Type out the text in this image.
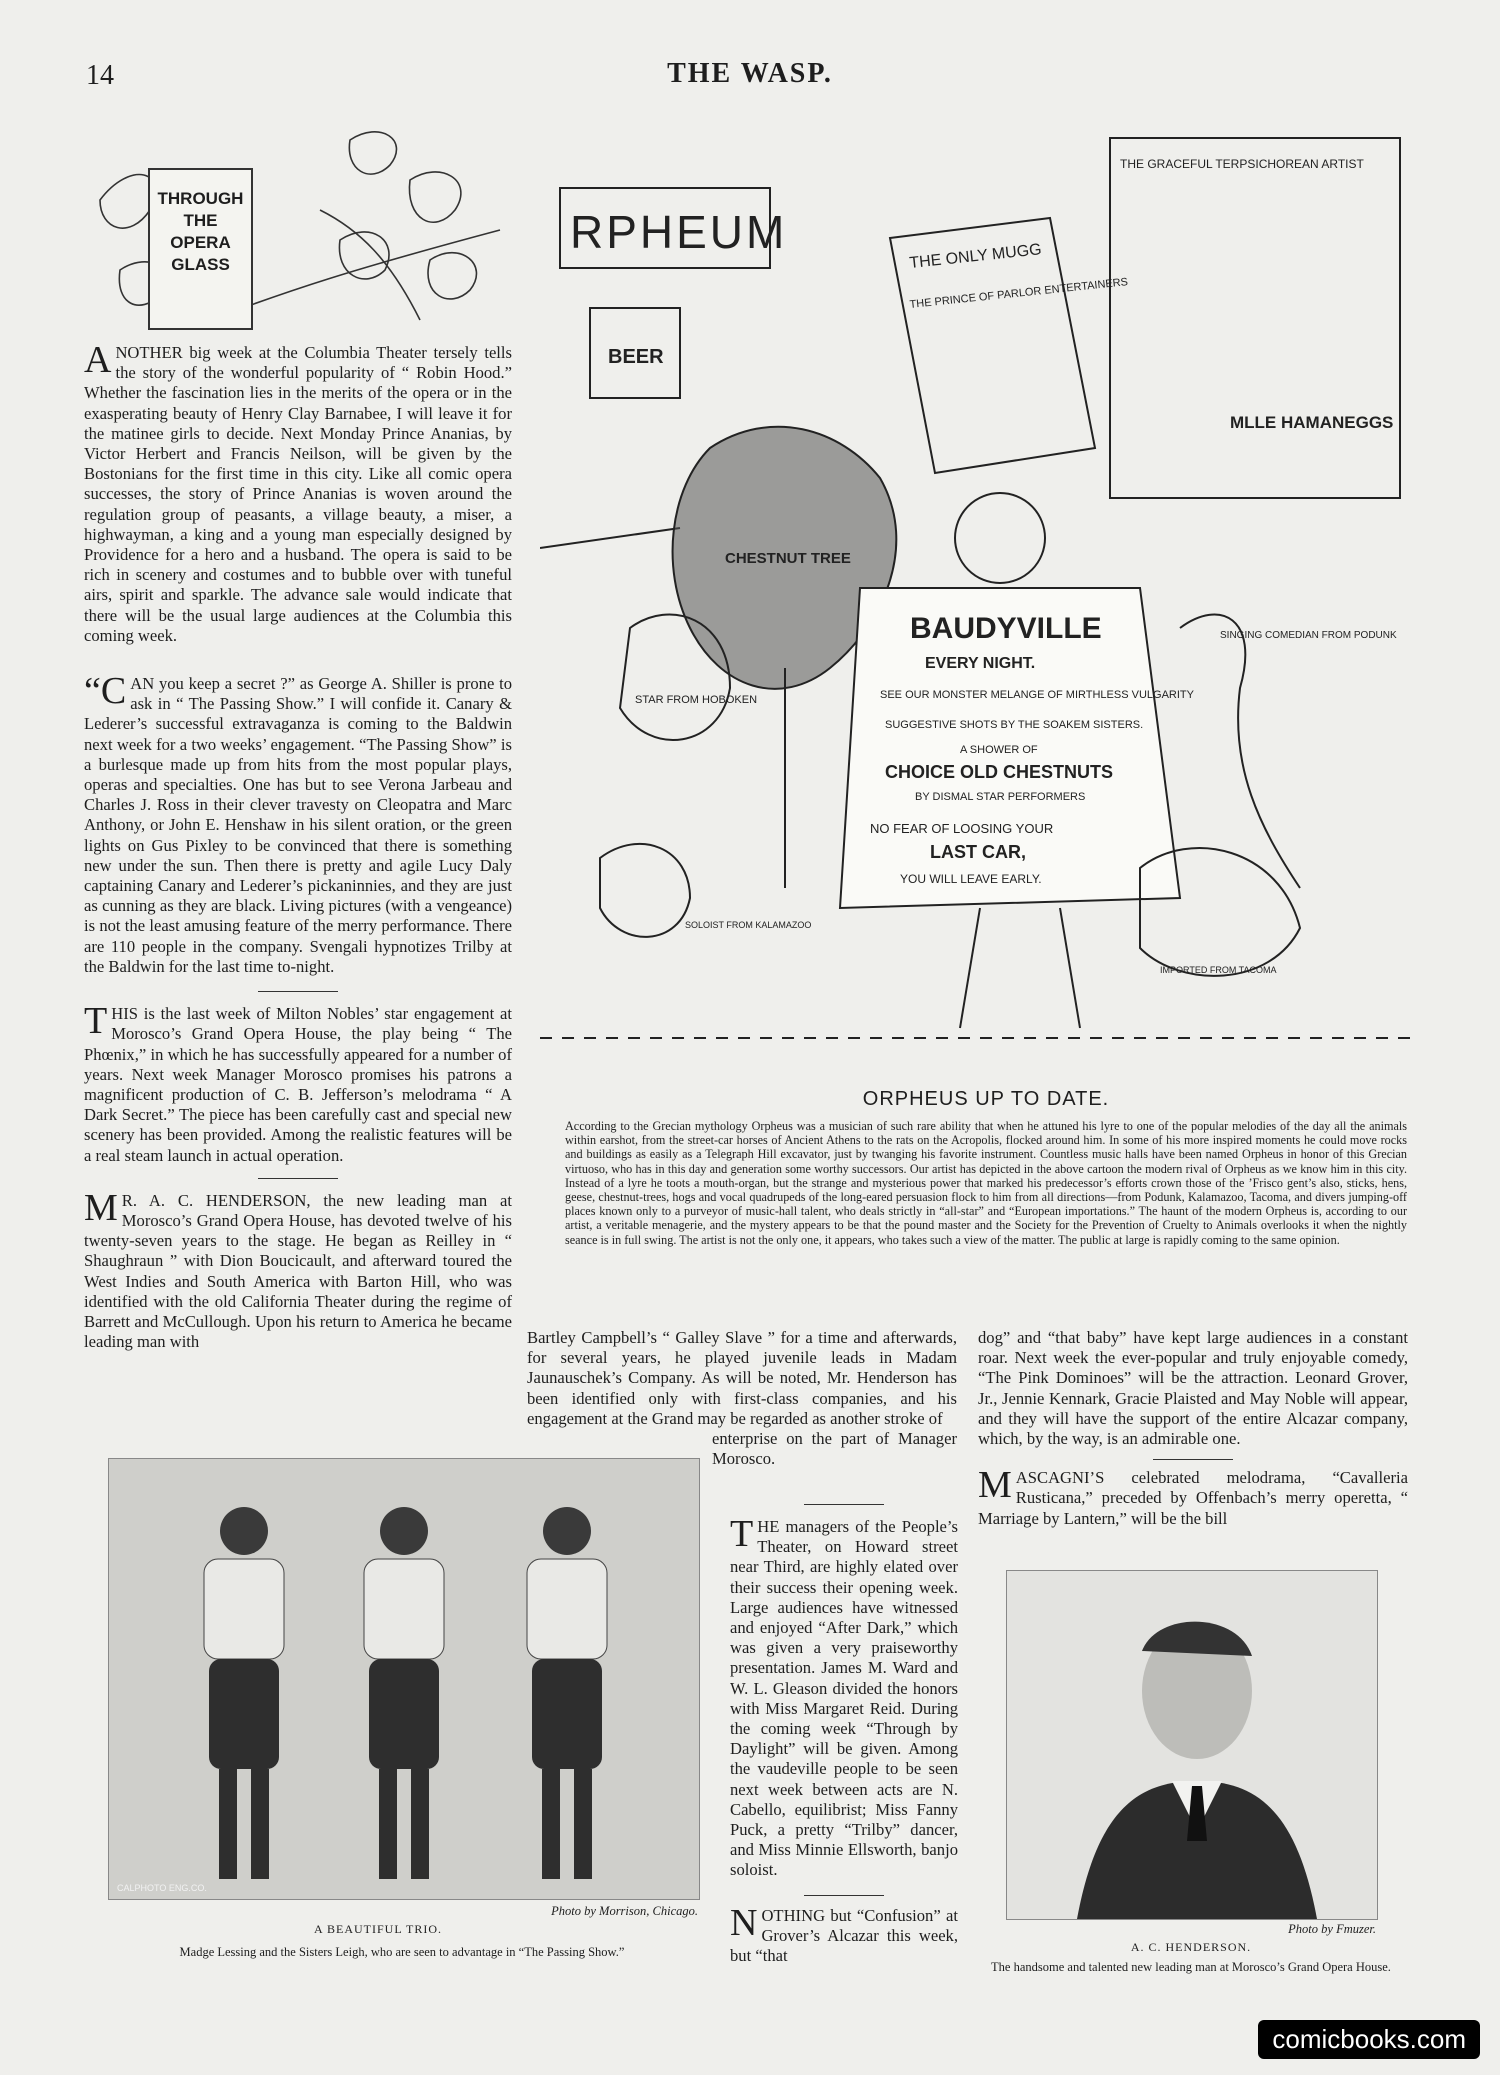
14	THE WASP.
THROUGH
THE
OPERA
GLASS

ANOTHER big week at the Columbia Theater tersely tells the story of the wonderful popularity of “ Robin Hood.” Whether the fascination lies in the merits of the opera or in the exasperating beauty of Henry Clay Barnabee, I will leave it for the matinee girls to decide. Next Monday Prince Ananias, by Victor Herbert and Francis Neilson, will be given by the Bostonians for the first time in this city. Like all comic opera successes, the story of Prince Ananias is woven around the regulation group of peasants, a village beauty, a miser, a highwayman, a king and a young man especially designed by Providence for a hero and a husband. The opera is said to be rich in scenery and costumes and to bubble over with tuneful airs, spirit and sparkle. The advance sale would indicate that there will be the usual large audiences at the Columbia this coming week.

“CAN you keep a secret ?” as George A. Shiller is prone to ask in “ The Passing Show.” I will confide it. Canary & Lederer’s successful extravaganza is coming to the Baldwin next week for a two weeks’ engagement. “The Passing Show” is a burlesque made up from hits from the most popular plays, operas and specialties. One has but to see Verona Jarbeau and Charles J. Ross in their clever travesty on Cleopatra and Marc Anthony, or John E. Henshaw in his silent oration, or the green lights on Gus Pixley to be convinced that there is something new under the sun. Then there is pretty and agile Lucy Daly captaining Canary and Lederer’s pickaninnies, and they are just as cunning as they are black. Living pictures (with a vengeance) is not the least amusing feature of the merry performance. There are 110 people in the company. Svengali hypnotizes Trilby at the Baldwin for the last time to-night.

THIS is the last week of Milton Nobles’ star engagement at Morosco’s Grand Opera House, the play being “ The Phœnix,” in which he has successfully appeared for a number of years. Next week Manager Morosco promises his patrons a magnificent production of C. B. Jefferson’s melodrama “ A Dark Secret.” The piece has been carefully cast and special new scenery has been provided. Among the realistic features will be a real steam launch in actual operation.

M R. A. C. HENDERSON, the new leading man at Morosco’s Grand Opera House, has devoted twelve of his twenty-seven years to the stage. He began as Reilley in “ Shaughraun ” with Dion Boucicault, and afterward toured the West Indies and South America with Barton Hill, who was identified with the old California Theater during the regime of Barrett and McCullough. Upon his return to America he became leading man with

RPHEUM
BEER
CHESTNUT TREE
THE ONLY MUGG
THE PRINCE OF PARLOR ENTERTAINERS
THE GRACEFUL TERPSICHOREAN ARTIST
MLLE HAMANEGGS
BAUDYVILLE
EVERY NIGHT.
SEE OUR MONSTER MELANGE OF MIRTHLESS VULGARITY
SUGGESTIVE SHOTS BY THE SOAKEM SISTERS.
A SHOWER OF
CHOICE OLD CHESTNUTS
BY DISMAL STAR PERFORMERS
NO FEAR OF LOOSING YOUR
LAST CAR,
YOU WILL LEAVE EARLY.
STAR FROM HOBOKEN
SINGING COMEDIAN FROM PODUNK
SOLOIST FROM KALAMAZOO
IMPORTED FROM TACOMA
ORPHEUS UP TO DATE.
According to the Grecian mythology Orpheus was a musician of such rare ability that when he attuned his lyre to one of the popular melodies of the day all the animals within earshot, from the street-car horses of Ancient Athens to the rats on the Acropolis, flocked around him. In some of his more inspired moments he could move rocks and buildings as easily as a Telegraph Hill excavator, just by twanging his favorite instrument. Countless music halls have been named Orpheus in honor of this Grecian virtuoso, who has in this day and generation some worthy successors. Our artist has depicted in the above cartoon the modern rival of Orpheus as we know him in this city. Instead of a lyre he toots a mouth-organ, but the strange and mysterious power that marked his predecessor’s efforts crown those of the ’Frisco gent’s also, sticks, hens, geese, chestnut-trees, hogs and vocal quadrupeds of the long-eared persuasion flock to him from all directions—from Podunk, Kalamazoo, Tacoma, and divers jumping-off places known only to a purveyor of music-hall talent, who deals strictly in “all-star” and “European importations.” The haunt of the modern Orpheus is, according to our artist, a veritable menagerie, and the mystery appears to be that the pound master and the Society for the Prevention of Cruelty to Animals overlooks it when the nightly seance is in full swing. The artist is not the only one, it appears, who takes such a view of the matter. The public at large is rapidly coming to the same opinion.

Bartley Campbell’s “ Galley Slave ” for a time and afterwards, for several years, he played juvenile leads in Madam Jaunauschek’s Company. As will be noted, Mr. Henderson has been identified only with first-class companies, and his engagement at the Grand may be regarded as another stroke of

enterprise on the part of Manager Morosco.

THE managers of the People’s Theater, on Howard street near Third, are highly elated over their success their opening week. Large audiences have witnessed and enjoyed “After Dark,” which was given a very praiseworthy presentation. James M. Ward and W. L. Gleason divided the honors with Miss Margaret Reid. During the coming week “Through by Daylight” will be given. Among the vaudeville people to be seen next week between acts are N. Cabello, equilibrist; Miss Fanny Puck, a pretty “Trilby” dancer, and Miss Minnie Ellsworth, banjo soloist.

NOTHING but “Confusion” at Grover’s Alcazar this week, but “that

dog” and “that baby” have kept large audiences in a constant roar. Next week the ever-popular and truly enjoyable comedy, “The Pink Dominoes” will be the attraction. Leonard Grover, Jr., Jennie Kennark, Gracie Plaisted and May Noble will appear, and they will have the support of the entire Alcazar company, which, by the way, is an admirable one.

MASCAGNI’S celebrated melodrama, “Cavalleria Rusticana,” preceded by Offenbach’s merry operetta, “ Marriage by Lantern,” will be the bill

CALPHOTO ENG.CO.
Photo by Morrison, Chicago.
A BEAUTIFUL TRIO.
Madge Lessing and the Sisters Leigh, who are seen to advantage in “The Passing Show.”
Photo by Fmuzer.
A. C. HENDERSON.
The handsome and talented new leading man at Morosco’s Grand Opera House.
comicbooks.com
